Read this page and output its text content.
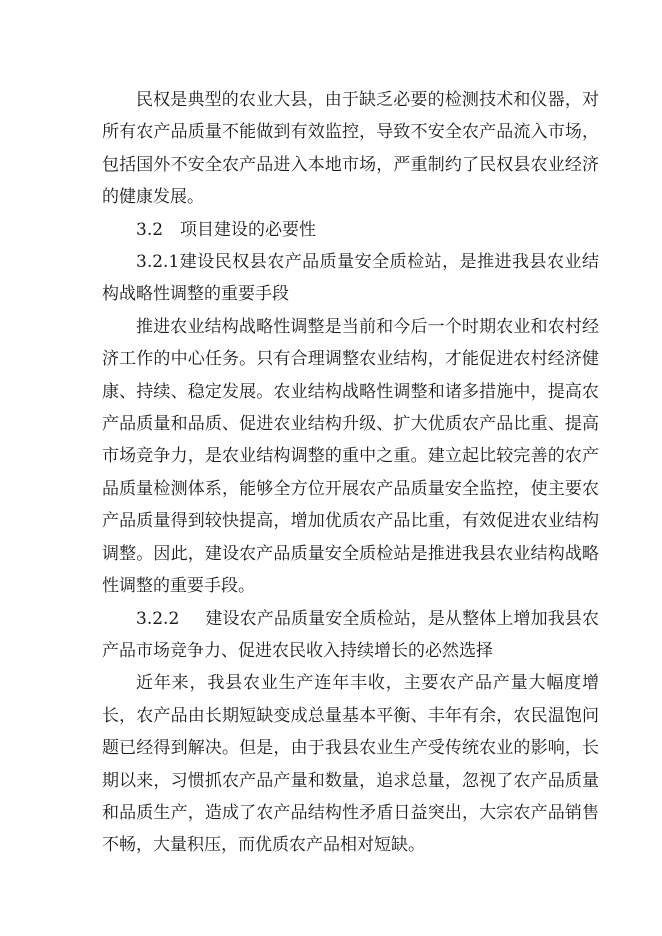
民权是典型的农业大县，由于缺乏必要的检测技术和仪器，对所有农产品质量不能做到有效监控，导致不安全农产品流入市场，包括国外不安全农产品进入本地市场，严重制约了民权县农业经济的健康发展。

3.2 项目建设的必要性

3.2.1建设民权县农产品质量安全质检站，是推进我县农业结构战略性调整的重要手段

推进农业结构战略性调整是当前和今后一个时期农业和农村经济工作的中心任务。只有合理调整农业结构，才能促进农村经济健康、持续、稳定发展。农业结构战略性调整和诸多措施中，提高农产品质量和品质、促进农业结构升级、扩大优质农产品比重、提高市场竞争力，是农业结构调整的重中之重。建立起比较完善的农产品质量检测体系，能够全方位开展农产品质量安全监控，使主要农产品质量得到较快提高，增加优质农产品比重，有效促进农业结构调整。因此，建设农产品质量安全质检站是推进我县农业结构战略性调整的重要手段。

3.2.2 建设农产品质量安全质检站，是从整体上增加我县农产品市场竞争力、促进农民收入持续增长的必然选择

近年来，我县农业生产连年丰收，主要农产品产量大幅度增长，农产品由长期短缺变成总量基本平衡、丰年有余，农民温饱问题已经得到解决。但是，由于我县农业生产受传统农业的影响，长期以来，习惯抓农产品产量和数量，追求总量，忽视了农产品质量和品质生产，造成了农产品结构性矛盾日益突出，大宗农产品销售不畅，大量积压，而优质农产品相对短缺。
